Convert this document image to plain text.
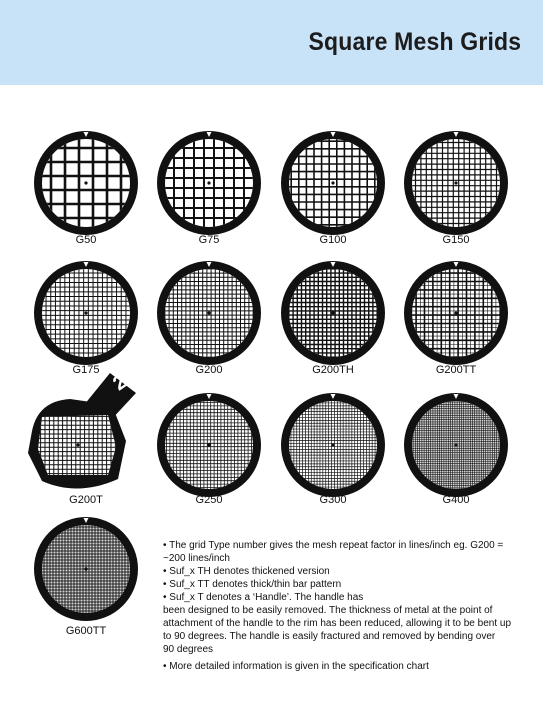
Square Mesh Grids
G50	G75	G100	G150
G175	G200	G200TH	G200TT
2
G200T	G250	G300	G400
G600TT
• The grid Type number gives the mesh repeat factor in lines/inch eg. G200 =
~200 lines/inch
• Suf_x TH denotes thickened version
• Suf_x TT denotes thick/thin bar pattern
• Suf_x T denotes a ‘Handle’. The handle has
been designed to be easily removed. The thickness of metal at the point of
attachment of the handle to the rim has been reduced, allowing it to be bent up
to 90 degrees. The handle is easily fractured and removed by bending over
90 degrees
• More detailed information is given in the specification chart
